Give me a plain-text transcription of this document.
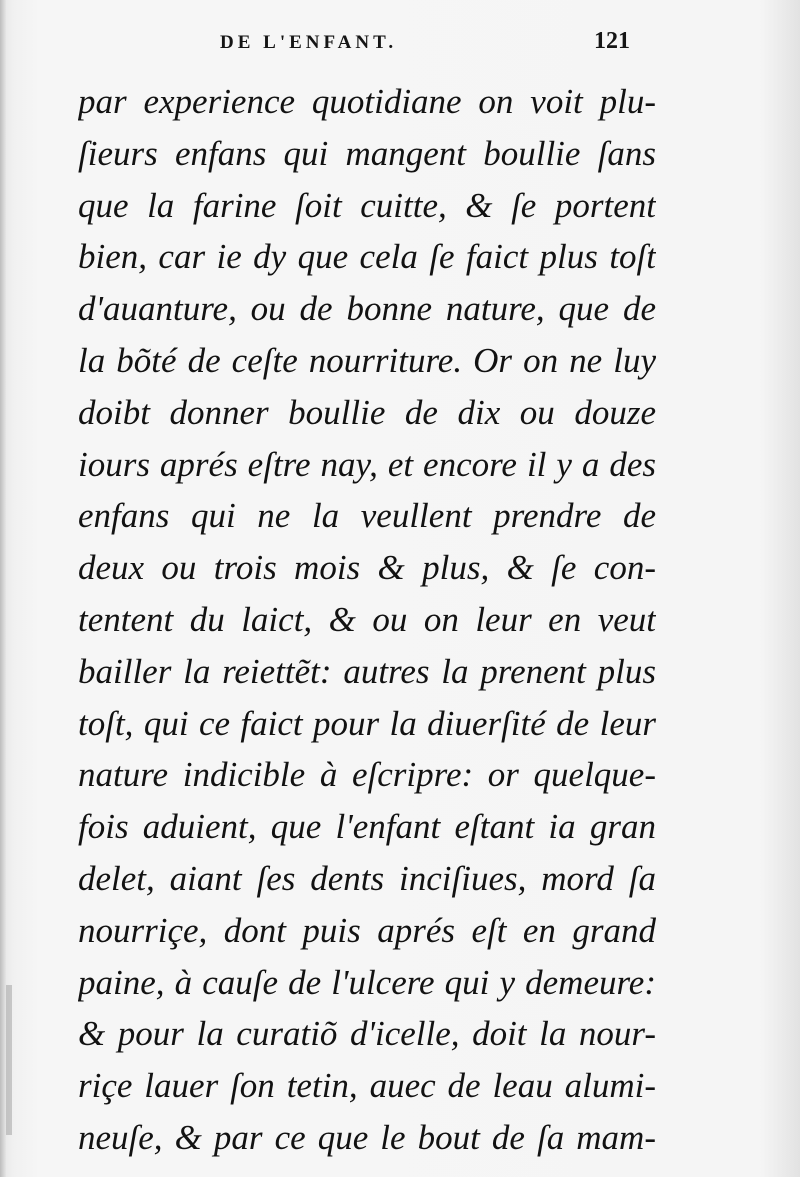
DE L'ENFANT.	121
par experience quotidiane on voit plu-
ſieurs enfans qui mangent boullie ſans
que la farine ſoit cuitte, & ſe portent
bien, car ie dy que cela ſe faict plus toſt
d'auanture, ou de bonne nature, que de
la bõté de ceſte nourriture. Or on ne luy
doibt donner boullie de dix ou douze
iours aprés eſtre nay, et encore il y a des
enfans qui ne la veullent prendre de
deux ou trois mois & plus, & ſe con-
tentent du laict, & ou on leur en veut
bailler la reiettẽt: autres la prenent plus
toſt, qui ce faict pour la diuerſité de leur
nature indicible à eſcripre: or quelque-
fois aduient, que l'enfant eſtant ia gran
delet, aiant ſes dents inciſiues, mord ſa
nourriçe, dont puis aprés eſt en grand
paine, à cauſe de l'ulcere qui y demeure:
& pour la curatiõ d'icelle, doit la nour-
riçe lauer ſon tetin, auec de leau alumi-
neuſe, & par ce que le bout de ſa mam-
